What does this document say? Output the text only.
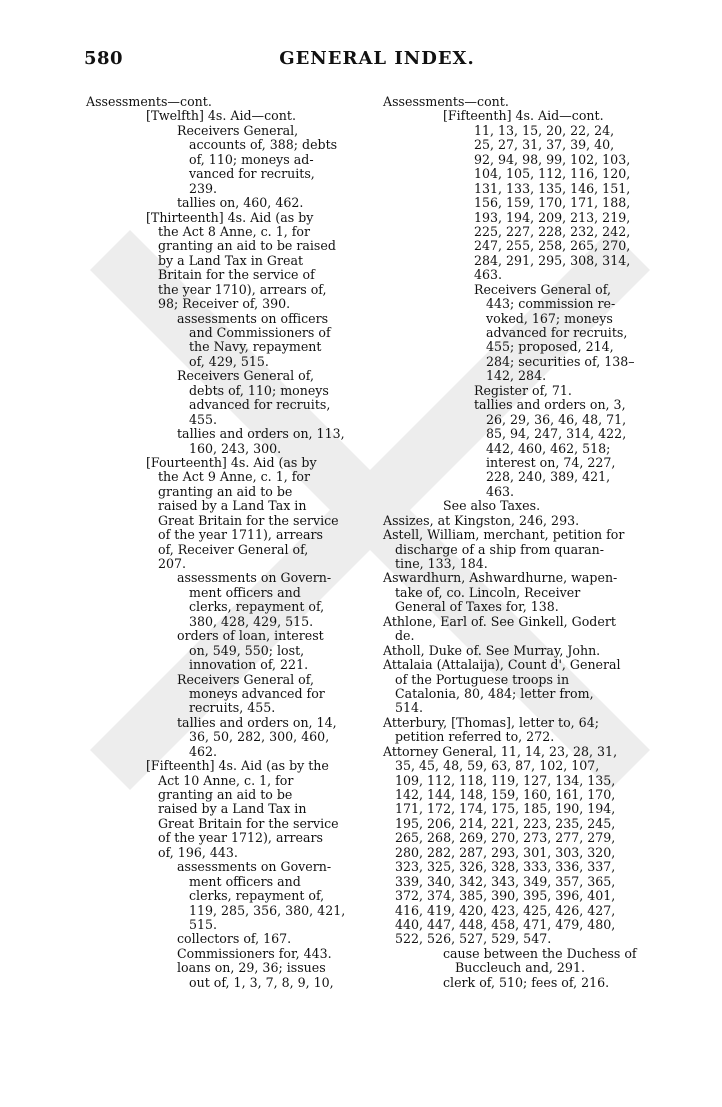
580	GENERAL INDEX.
Assessments—cont.
[Twelfth] 4s. Aid—cont.
Receivers General,
accounts of, 388; debts
of, 110; moneys ad-
vanced for recruits,
239.
tallies on, 460, 462.
[Thirteenth] 4s. Aid (as by
the Act 8 Anne, c. 1, for
granting an aid to be raised
by a Land Tax in Great
Britain for the service of
the year 1710), arrears of,
98; Receiver of, 390.
assessments on officers
and Commissioners of
the Navy, repayment
of, 429, 515.
Receivers General of,
debts of, 110; moneys
advanced for recruits,
455.
tallies and orders on, 113,
160, 243, 300.
[Fourteenth] 4s. Aid (as by
the Act 9 Anne, c. 1, for
granting an aid to be
raised by a Land Tax in
Great Britain for the service
of the year 1711), arrears
of, Receiver General of,
207.
assessments on Govern-
ment officers and
clerks, repayment of,
380, 428, 429, 515.
orders of loan, interest
on, 549, 550; lost,
innovation of, 221.
Receivers General of,
moneys advanced for
recruits, 455.
tallies and orders on, 14,
36, 50, 282, 300, 460,
462.
[Fifteenth] 4s. Aid (as by the
Act 10 Anne, c. 1, for
granting an aid to be
raised by a Land Tax in
Great Britain for the service
of the year 1712), arrears
of, 196, 443.
assessments on Govern-
ment officers and
clerks, repayment of,
119, 285, 356, 380, 421,
515.
collectors of, 167.
Commissioners for, 443.
loans on, 29, 36; issues
out of, 1, 3, 7, 8, 9, 10,
Assessments—cont.
[Fifteenth] 4s. Aid—cont.
11, 13, 15, 20, 22, 24,
25, 27, 31, 37, 39, 40,
92, 94, 98, 99, 102, 103,
104, 105, 112, 116, 120,
131, 133, 135, 146, 151,
156, 159, 170, 171, 188,
193, 194, 209, 213, 219,
225, 227, 228, 232, 242,
247, 255, 258, 265, 270,
284, 291, 295, 308, 314,
463.
Receivers General of,
443; commission re-
voked, 167; moneys
advanced for recruits,
455; proposed, 214,
284; securities of, 138–
142, 284.
Register of, 71.
tallies and orders on, 3,
26, 29, 36, 46, 48, 71,
85, 94, 247, 314, 422,
442, 460, 462, 518;
interest on, 74, 227,
228, 240, 389, 421,
463.
See also Taxes.
Assizes, at Kingston, 246, 293.
Astell, William, merchant, petition for
discharge of a ship from quaran-
tine, 133, 184.
Aswardhurn, Ashwardhurne, wapen-
take of, co. Lincoln, Receiver
General of Taxes for, 138.
Athlone, Earl of. See Ginkell, Godert
de.
Atholl, Duke of. See Murray, John.
Attalaia (Attalaija), Count d', General
of the Portuguese troops in
Catalonia, 80, 484; letter from,
514.
Atterbury, [Thomas], letter to, 64;
petition referred to, 272.
Attorney General, 11, 14, 23, 28, 31,
35, 45, 48, 59, 63, 87, 102, 107,
109, 112, 118, 119, 127, 134, 135,
142, 144, 148, 159, 160, 161, 170,
171, 172, 174, 175, 185, 190, 194,
195, 206, 214, 221, 223, 235, 245,
265, 268, 269, 270, 273, 277, 279,
280, 282, 287, 293, 301, 303, 320,
323, 325, 326, 328, 333, 336, 337,
339, 340, 342, 343, 349, 357, 365,
372, 374, 385, 390, 395, 396, 401,
416, 419, 420, 423, 425, 426, 427,
440, 447, 448, 458, 471, 479, 480,
522, 526, 527, 529, 547.
cause between the Duchess of
Buccleuch and, 291.
clerk of, 510; fees of, 216.
